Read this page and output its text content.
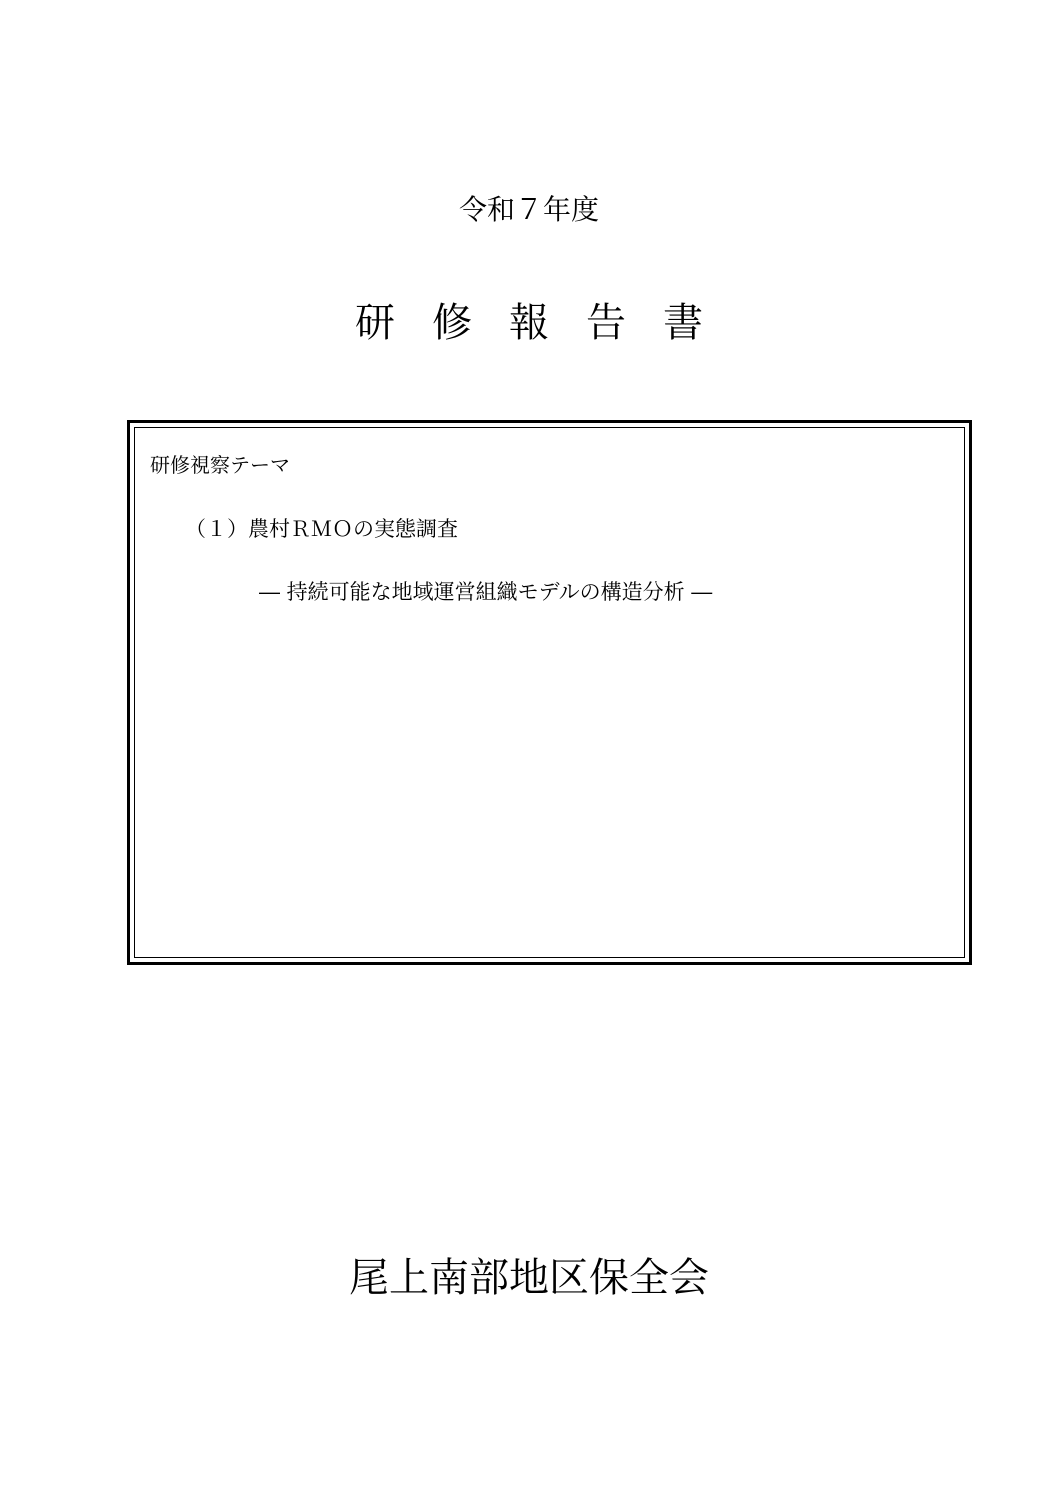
令和７年度
研修報告書
研修視察テーマ
（１）農村ＲＭＯの実態調査
― 持続可能な地域運営組織モデルの構造分析 ―
尾上南部地区保全会
